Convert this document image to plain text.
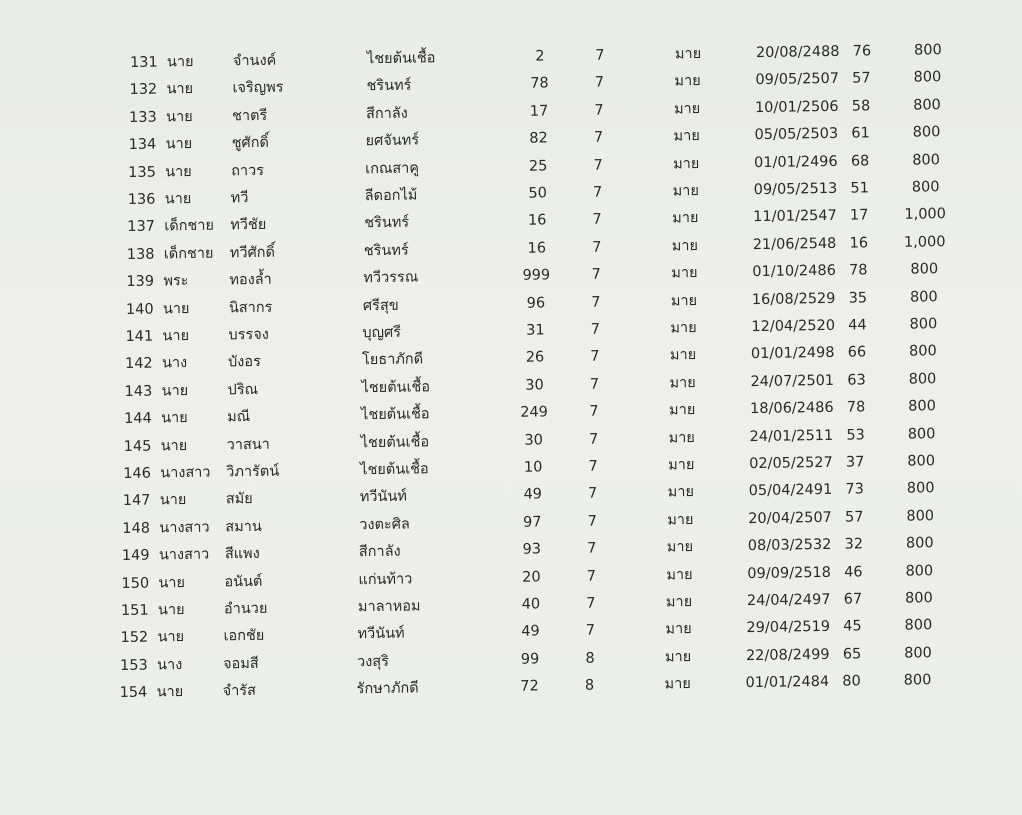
131 นาย	จำนงค์	ไชยต้นเชื้อ	2	7	มาย	20/08/2488 76	800
132 นาย	เจริญพร	ชรินทร์	78	7	มาย	09/05/2507 57	800
133 นาย	ชาตรี	สีกาลัง	17	7	มาย	10/01/2506 58	800
134 นาย	ชูศักดิ์	ยศจันทร์	82	7	มาย	05/05/2503 61	800
135 นาย	ถาวร	เกณสาคู	25	7	มาย	01/01/2496 68	800
136 นาย	ทวี	ลีดอกไม้	50	7	มาย	09/05/2513 51	800
137 เด็กชาย ทวีชัย	ชรินทร์	16	7	มาย	11/01/2547 17	1,000
138 เด็กชาย ทวีศักดิ์	ชรินทร์	16	7	มาย	21/06/2548 16	1,000
139 พระ	ทองล้ำ	ทวีวรรณ	999	7	มาย	01/10/2486 78	800
140 นาย	นิสากร	ศรีสุข	96	7	มาย	16/08/2529 35	800
141 นาย	บรรจง	บุญศรี	31	7	มาย	12/04/2520 44	800
142 นาง	บังอร	โยธาภักดี	26	7	มาย	01/01/2498 66	800
143 นาย	ปริณ	ไชยต้นเชื้อ	30	7	มาย	24/07/2501 63	800
144 นาย	มณี	ไชยต้นเชื้อ	249	7	มาย	18/06/2486 78	800
145 นาย	วาสนา	ไชยต้นเชื้อ	30	7	มาย	24/01/2511 53	800
146 นางสาว วิภารัตน์	ไชยต้นเชื้อ	10	7	มาย	02/05/2527 37	800
147 นาย	สมัย	ทวีนันท์	49	7	มาย	05/04/2491 73	800
148 นางสาว สมาน	วงตะศิล	97	7	มาย	20/04/2507 57	800
149 นางสาว สีแพง	สีกาลัง	93	7	มาย	08/03/2532 32	800
150 นาย	อนันต์	แก่นท้าว	20	7	มาย	09/09/2518 46	800
151 นาย	อำนวย	มาลาหอม	40	7	มาย	24/04/2497 67	800
152 นาย	เอกชัย	ทวีนันท์	49	7	มาย	29/04/2519 45	800
153 นาง	จอมสี	วงสุริ	99	8	มาย	22/08/2499 65	800
154 นาย	จำรัส	รักษาภักดี	72	8	มาย	01/01/2484 80	800
